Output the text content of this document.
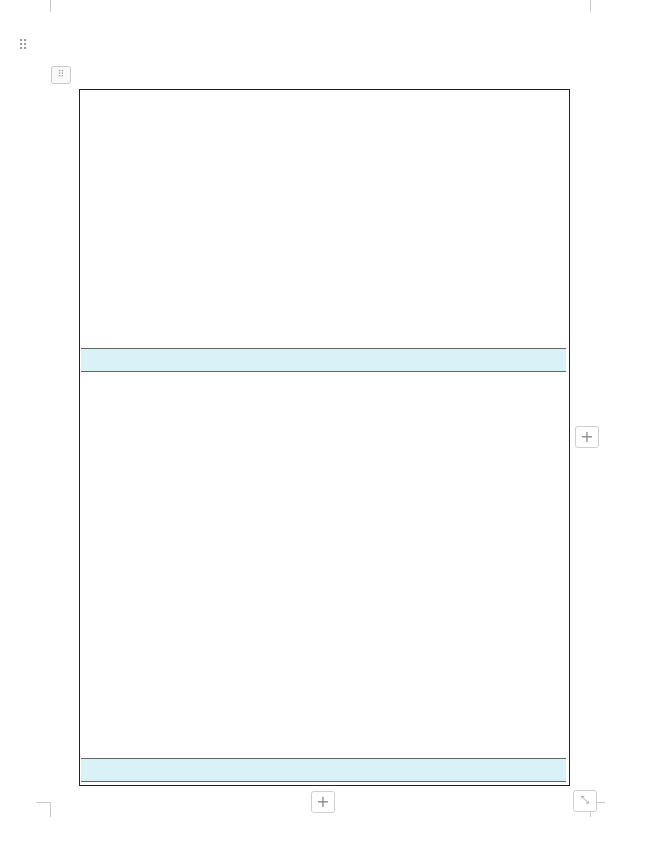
⠿
⠿
+
+	⤡
